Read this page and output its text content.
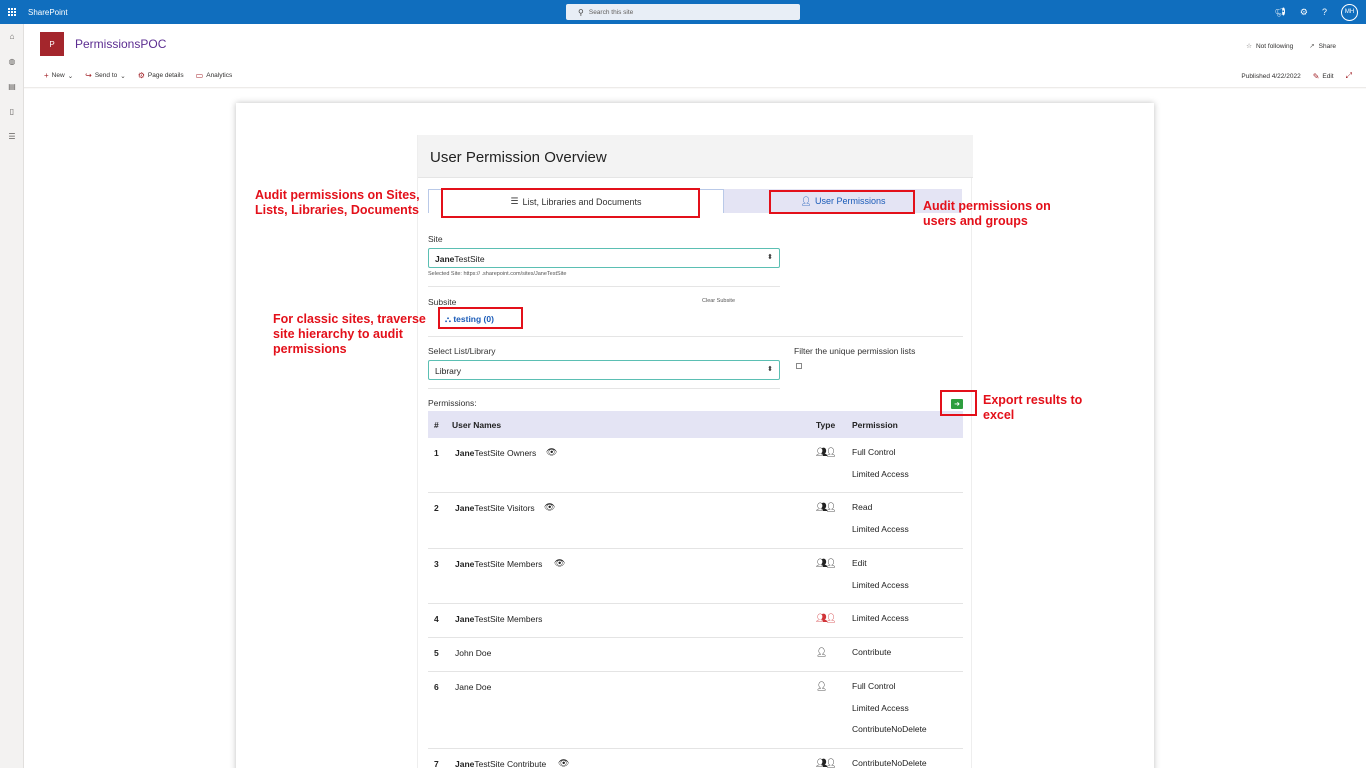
SharePoint	⚲ Search this site	📢︎ ⚙ ?	MH
⌂
◍
▤
▯
☰
P	PermissionsPOC	☆ Not following ↗ Share
+ New ⌄ ↪ Send to ⌄ ⚙ Page details ▭ Analytics	Published 4/22/2022 ✎ Edit ⤢
User Permission Overview
☰ List, Libraries and Documents	👤︎ User Permissions
Site
JaneTestSite	⬍
Selected Site: https:// .sharepoint.com/sites/JaneTestSite
Subsite	Clear Subsite
⛬ testing (0)
Select List/Library
Library	⬍
Filter the unique permission lists
Permissions:	➜
# User Names	Type Permission
1 JaneTestSite Owners 👁︎	👥︎👤︎ Full Control
Limited Access
2 JaneTestSite Visitors 👁︎	👥︎👤︎ Read
Limited Access
3 JaneTestSite Members 👁︎	👥︎👤︎ Edit
Limited Access
4 JaneTestSite Members	👥︎👤︎ Limited Access
5 John Doe	👤︎	Contribute
6 Jane Doe	👤︎	Full Control
Limited Access
ContributeNoDelete
7 JaneTestSite Contribute 👁︎	👥︎👤︎ ContributeNoDelete
Audit permissions on Sites, Lists, Libraries, Documents	Audit permissions on users and groups
For classic sites, traverse site hierarchy to audit permissions
Export results to excel
